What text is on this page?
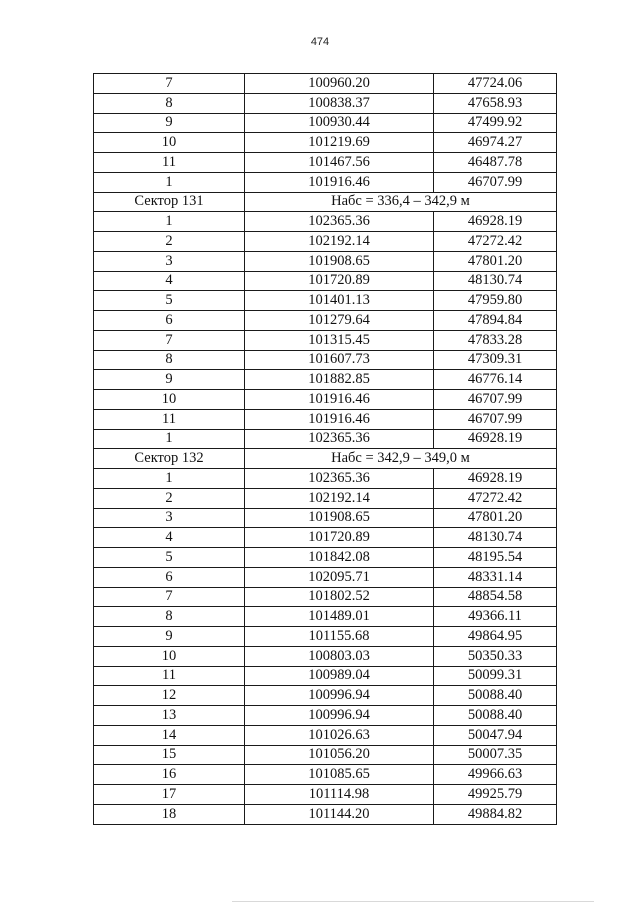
474
7	100960.20	47724.06
8	100838.37	47658.93
9	100930.44	47499.92
10	101219.69	46974.27
11	101467.56	46487.78
1	101916.46	46707.99
Сектор 131	Набс = 336,4 – 342,9 м	
1	102365.36	46928.19
2	102192.14	47272.42
3	101908.65	47801.20
4	101720.89	48130.74
5	101401.13	47959.80
6	101279.64	47894.84
7	101315.45	47833.28
8	101607.73	47309.31
9	101882.85	46776.14
10	101916.46	46707.99
11	101916.46	46707.99
1	102365.36	46928.19
Сектор 132	Набс = 342,9 – 349,0 м	
1	102365.36	46928.19
2	102192.14	47272.42
3	101908.65	47801.20
4	101720.89	48130.74
5	101842.08	48195.54
6	102095.71	48331.14
7	101802.52	48854.58
8	101489.01	49366.11
9	101155.68	49864.95
10	100803.03	50350.33
11	100989.04	50099.31
12	100996.94	50088.40
13	100996.94	50088.40
14	101026.63	50047.94
15	101056.20	50007.35
16	101085.65	49966.63
17	101114.98	49925.79
18	101144.20	49884.82
